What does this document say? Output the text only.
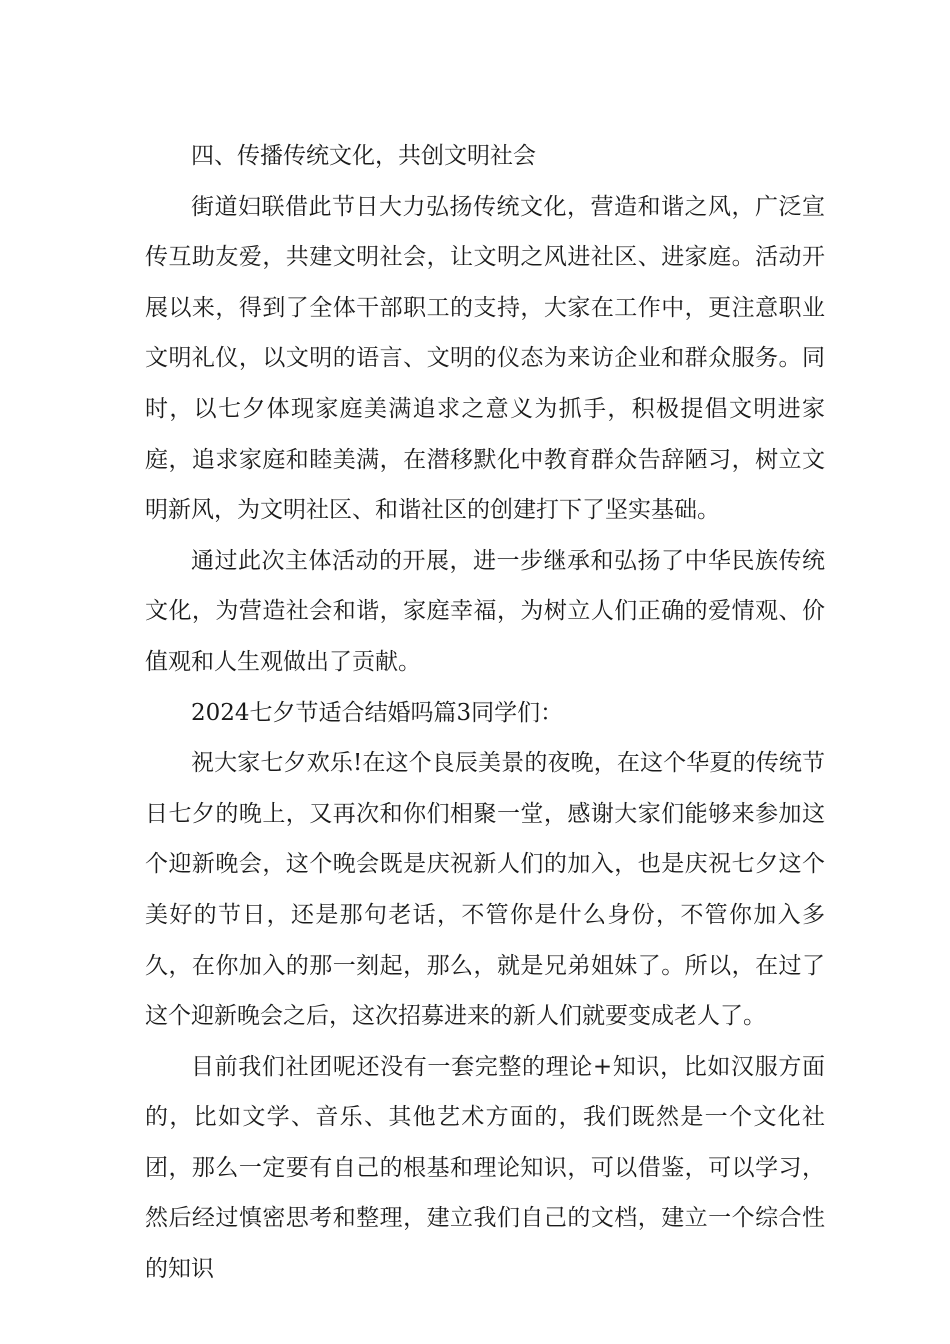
四、传播传统文化，共创文明社会

街道妇联借此节日大力弘扬传统文化，营造和谐之风，广泛宣传互助友爱，共建文明社会，让文明之风进社区、进家庭。活动开展以来，得到了全体干部职工的支持，大家在工作中，更注意职业文明礼仪，以文明的语言、文明的仪态为来访企业和群众服务。同时，以七夕体现家庭美满追求之意义为抓手，积极提倡文明进家庭，追求家庭和睦美满，在潜移默化中教育群众告辞陋习，树立文明新风，为文明社区、和谐社区的创建打下了坚实基础。

通过此次主体活动的开展，进一步继承和弘扬了中华民族传统文化，为营造社会和谐，家庭幸福，为树立人们正确的爱情观、价值观和人生观做出了贡献。

2024七夕节适合结婚吗篇3同学们：

祝大家七夕欢乐!在这个良辰美景的夜晚，在这个华夏的传统节日七夕的晚上，又再次和你们相聚一堂，感谢大家们能够来参加这个迎新晚会，这个晚会既是庆祝新人们的加入，也是庆祝七夕这个美好的节日，还是那句老话，不管你是什么身份，不管你加入多久，在你加入的那一刻起，那么，就是兄弟姐妹了。所以，在过了这个迎新晚会之后，这次招募进来的新人们就要变成老人了。

目前我们社团呢还没有一套完整的理论+知识，比如汉服方面的，比如文学、音乐、其他艺术方面的，我们既然是一个文化社团，那么一定要有自己的根基和理论知识，可以借鉴，可以学习，然后经过慎密思考和整理，建立我们自己的文档，建立一个综合性的知识
